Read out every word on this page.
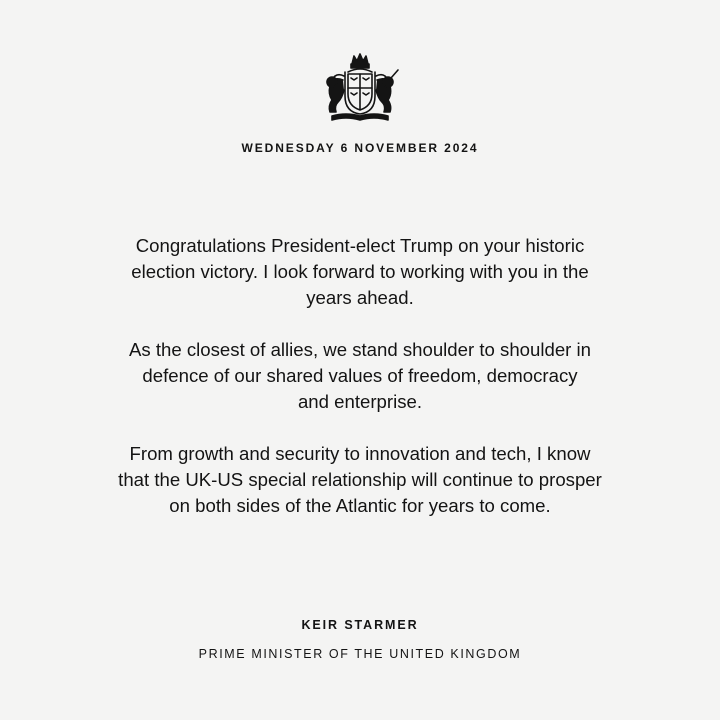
WEDNESDAY 6 NOVEMBER 2024

Congratulations President-elect Trump on your historic
election victory. I look forward to working with you in the
years ahead.

As the closest of allies, we stand shoulder to shoulder in
defence of our shared values of freedom, democracy
and enterprise.

From growth and security to innovation and tech, I know
that the UK-US special relationship will continue to prosper
on both sides of the Atlantic for years to come.

KEIR STARMER
PRIME MINISTER OF THE UNITED KINGDOM
